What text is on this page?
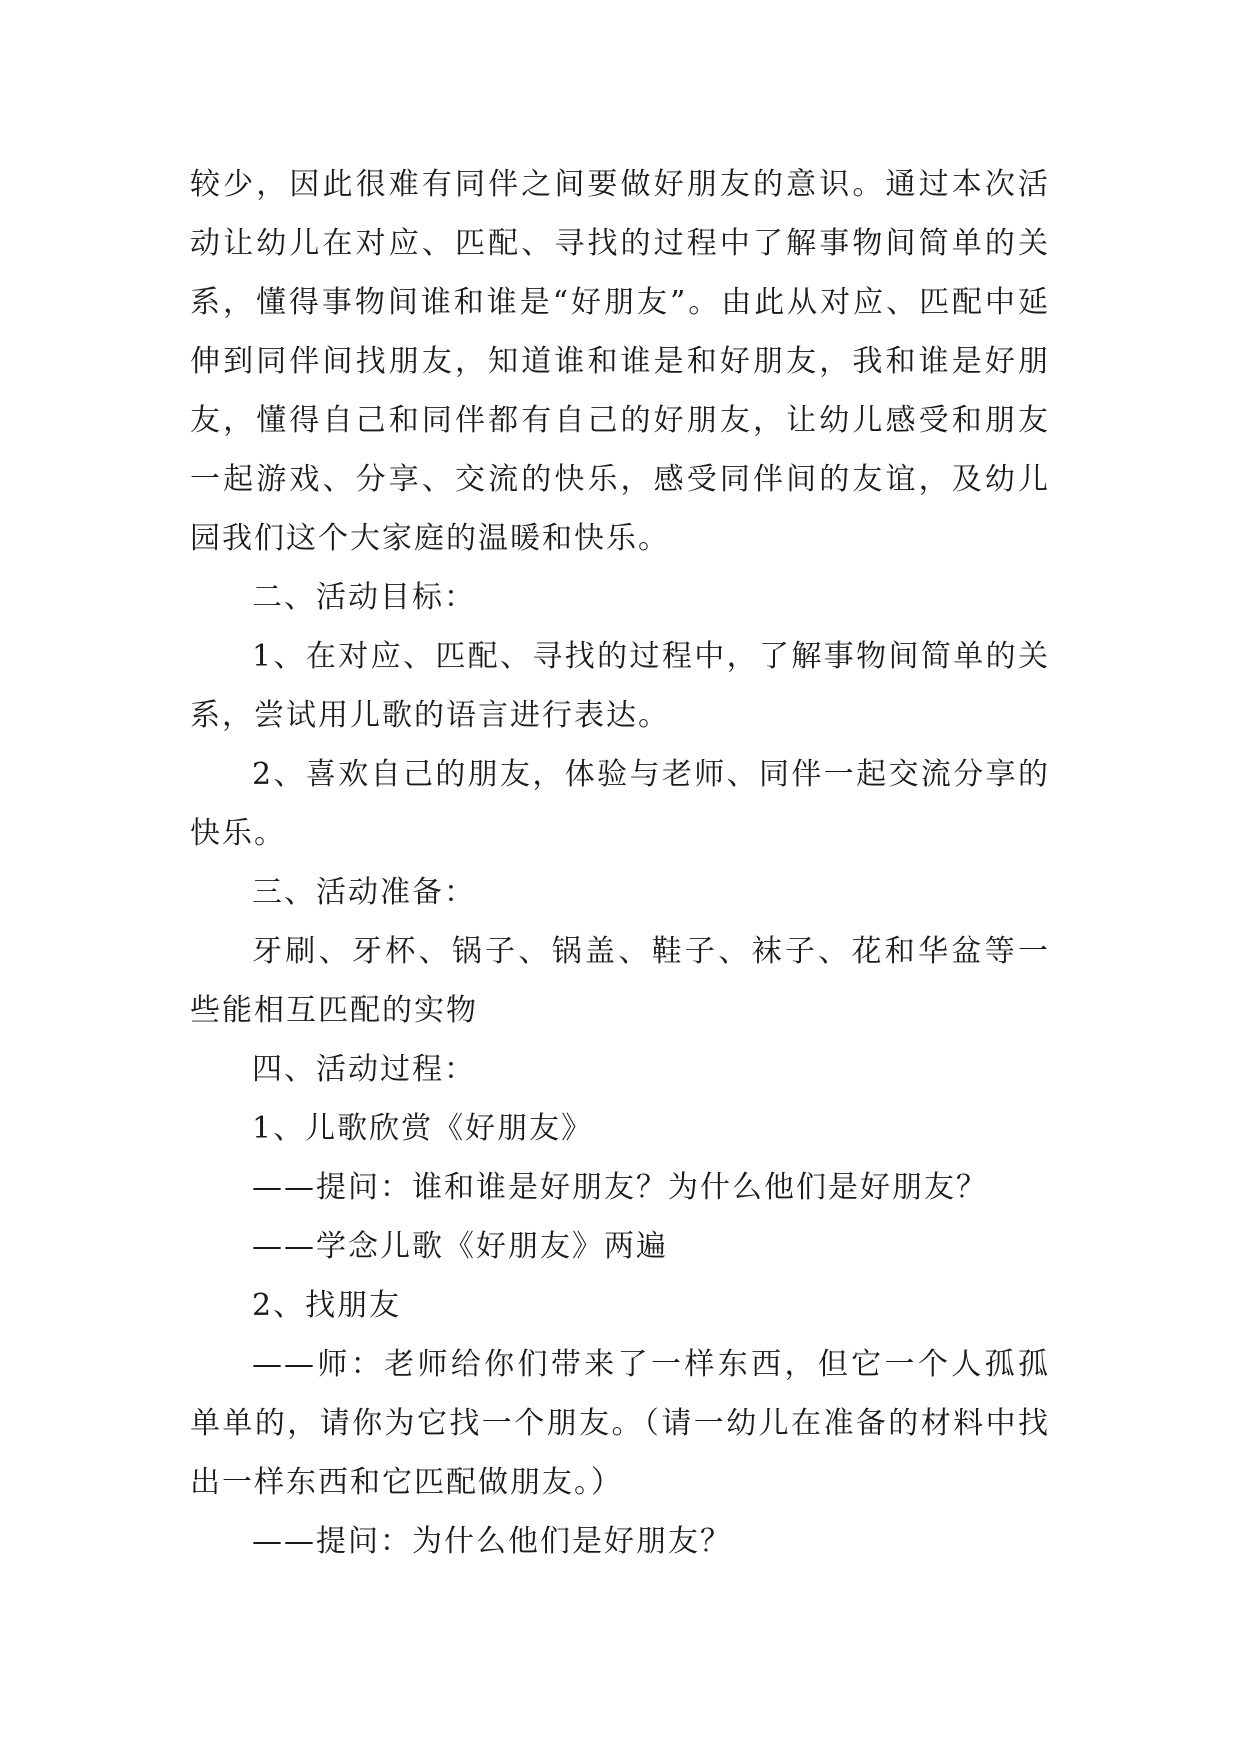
较少，因此很难有同伴之间要做好朋友的意识。通过本次活动让幼儿在对应、匹配、寻找的过程中了解事物间简单的关系，懂得事物间谁和谁是“好朋友”。由此从对应、匹配中延伸到同伴间找朋友，知道谁和谁是和好朋友，我和谁是好朋友，懂得自己和同伴都有自己的好朋友，让幼儿感受和朋友一起游戏、分享、交流的快乐，感受同伴间的友谊，及幼儿园我们这个大家庭的温暖和快乐。

二、活动目标：

1、在对应、匹配、寻找的过程中，了解事物间简单的关系，尝试用儿歌的语言进行表达。

2、喜欢自己的朋友，体验与老师、同伴一起交流分享的快乐。

三、活动准备：

牙刷、牙杯、锅子、锅盖、鞋子、袜子、花和华盆等一些能相互匹配的实物

四、活动过程：

1、儿歌欣赏《好朋友》

——提问：谁和谁是好朋友？为什么他们是好朋友？

——学念儿歌《好朋友》两遍

2、找朋友

——师：老师给你们带来了一样东西，但它一个人孤孤单单的，请你为它找一个朋友。（请一幼儿在准备的材料中找出一样东西和它匹配做朋友。）

——提问：为什么他们是好朋友？
